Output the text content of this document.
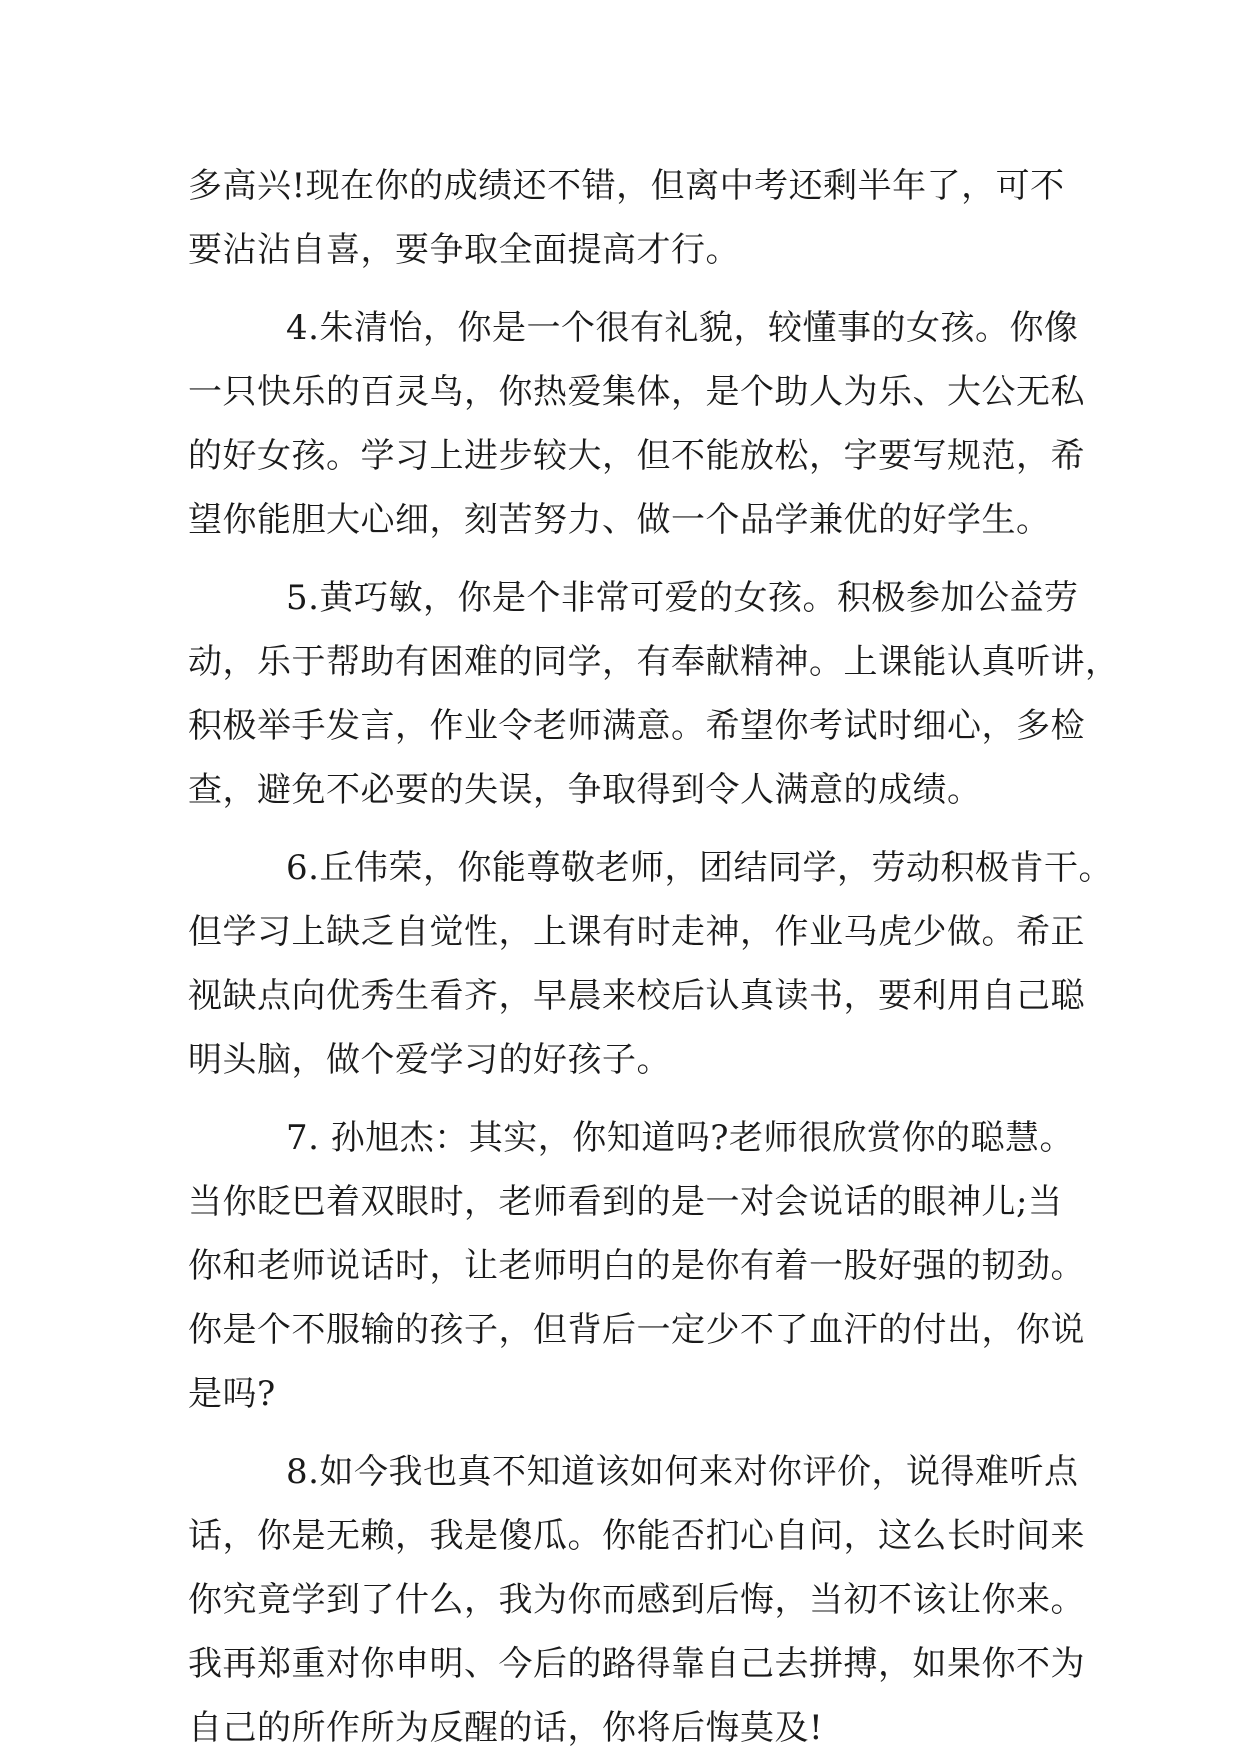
多高兴!现在你的成绩还不错，但离中考还剩半年了，可不
要沾沾自喜，要争取全面提高才行。
4.朱清怡，你是一个很有礼貌，较懂事的女孩。你像
一只快乐的百灵鸟，你热爱集体，是个助人为乐、大公无私
的好女孩。学习上进步较大，但不能放松，字要写规范，希
望你能胆大心细，刻苦努力、做一个品学兼优的好学生。
5.黄巧敏，你是个非常可爱的女孩。积极参加公益劳
动，乐于帮助有困难的同学，有奉献精神。上课能认真听讲，
积极举手发言，作业令老师满意。希望你考试时细心，多检
查，避免不必要的失误，争取得到令人满意的成绩。
6.丘伟荣，你能尊敬老师，团结同学，劳动积极肯干。
但学习上缺乏自觉性，上课有时走神，作业马虎少做。希正
视缺点向优秀生看齐，早晨来校后认真读书，要利用自己聪
明头脑，做个爱学习的好孩子。
7. 孙旭杰：其实，你知道吗?老师很欣赏你的聪慧。
当你眨巴着双眼时，老师看到的是一对会说话的眼神儿;当
你和老师说话时，让老师明白的是你有着一股好强的韧劲。
你是个不服输的孩子，但背后一定少不了血汗的付出，你说
是吗?
8.如今我也真不知道该如何来对你评价，说得难听点
话，你是无赖，我是傻瓜。你能否扪心自问，这么长时间来
你究竟学到了什么，我为你而感到后悔，当初不该让你来。
我再郑重对你申明、今后的路得靠自己去拼搏，如果你不为
自己的所作所为反醒的话，你将后悔莫及!
